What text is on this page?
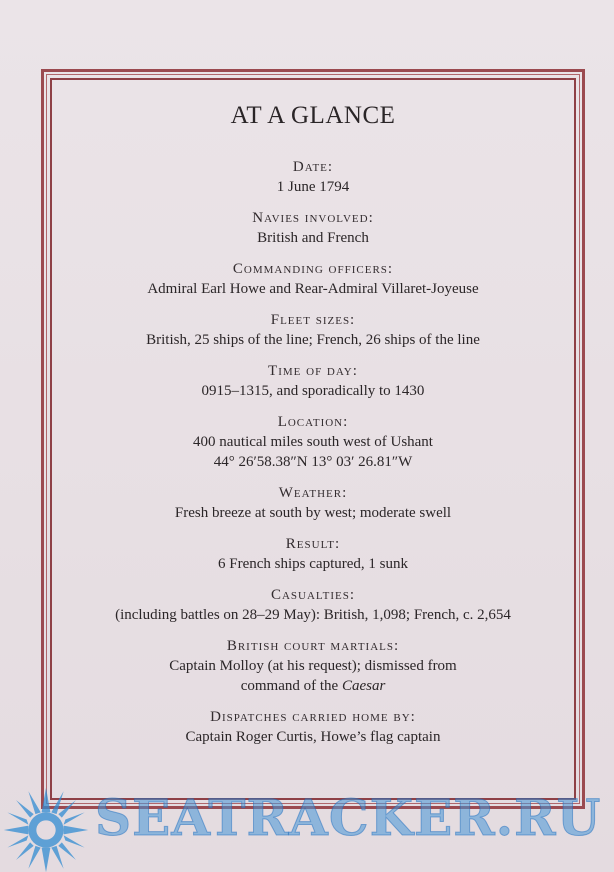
AT A GLANCE
Date:
1 June 1794
Navies involved:
British and French
Commanding officers:
Admiral Earl Howe and Rear-Admiral Villaret-Joyeuse
Fleet sizes:
British, 25 ships of the line; French, 26 ships of the line
Time of day:
0915–1315, and sporadically to 1430
Location:
400 nautical miles south west of Ushant
44° 26′58.38″N 13° 03′ 26.81″W
Weather:
Fresh breeze at south by west; moderate swell
Result:
6 French ships captured, 1 sunk
Casualties:
(including battles on 28–29 May): British, 1,098; French, c. 2,654
British court martials:
Captain Molloy (at his request); dismissed from
command of the Caesar
Dispatches carried home by:
Captain Roger Curtis, Howe’s flag captain
SEATRACKER.RU
